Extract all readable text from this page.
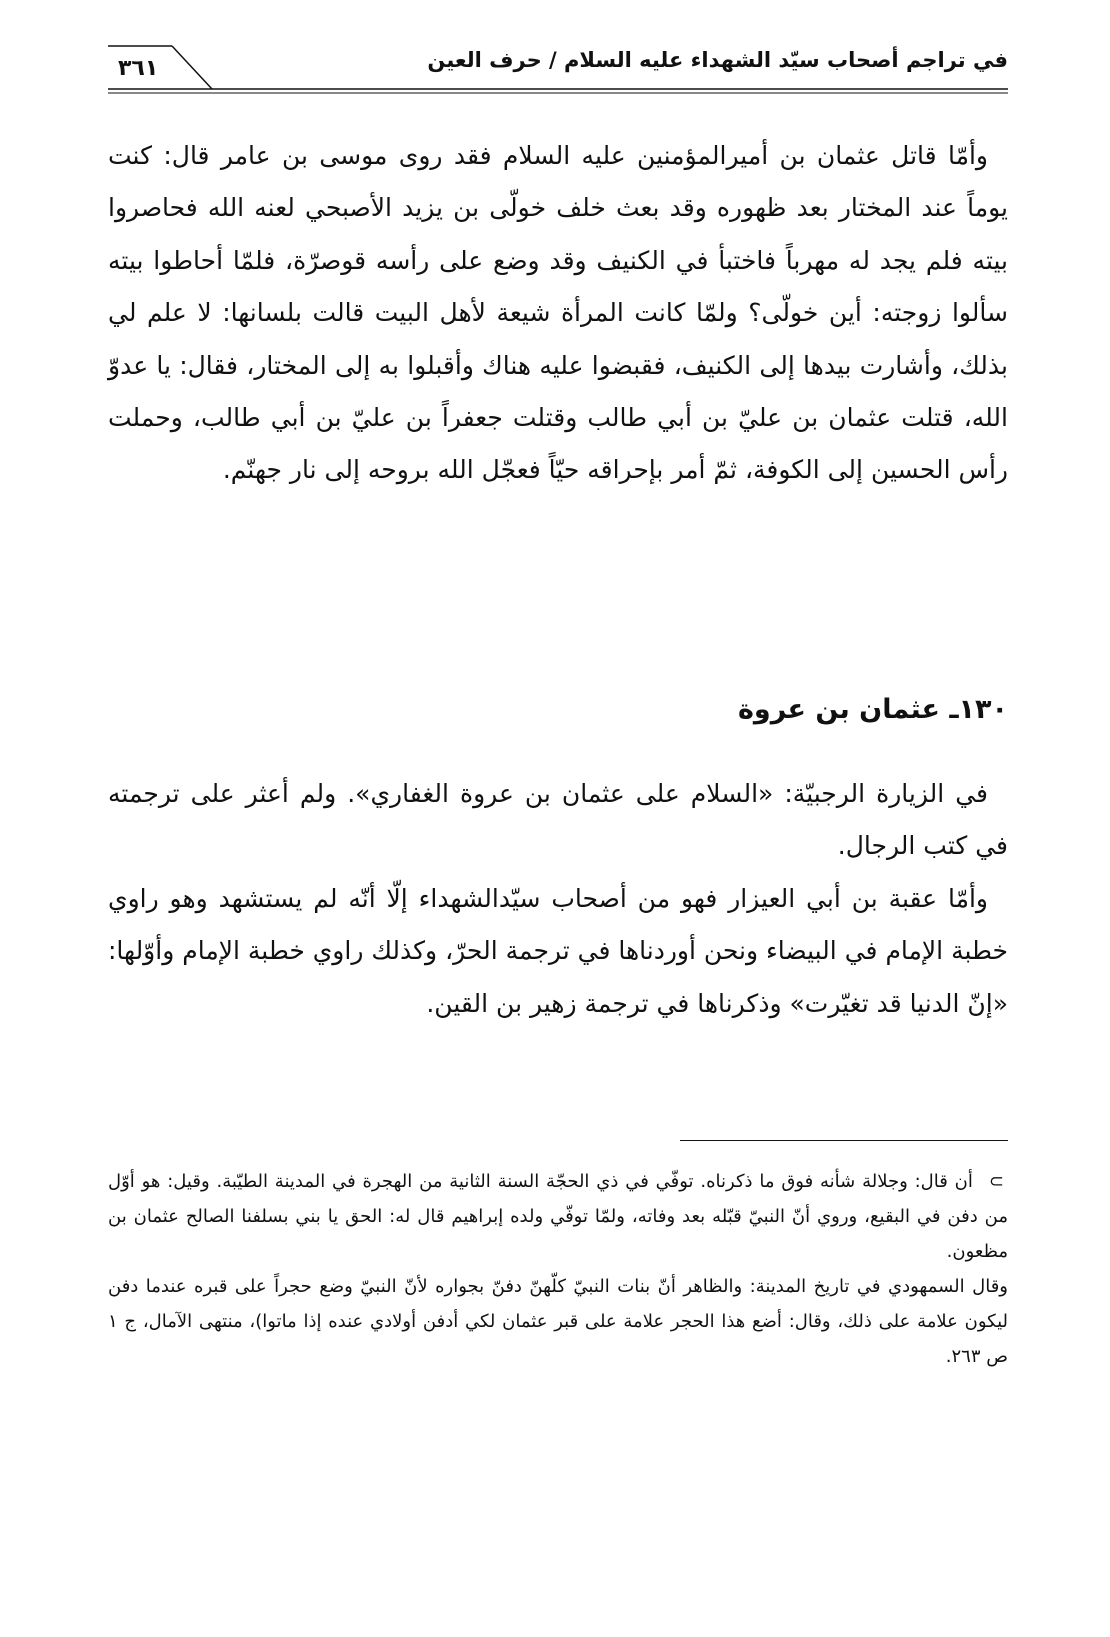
٣٦١	في تراجم أصحاب سيّد الشهداء عليه السلام / حرف العين

وأمّا قاتل عثمان بن أميرالمؤمنين عليه السلام فقد روى موسى بن عامر قال: كنت يوماً عند المختار بعد ظهوره وقد بعث خلف خولّى بن يزيد الأصبحي لعنه الله فحاصروا بيته فلم يجد له مهرباً فاختبأ في الكنيف وقد وضع على رأسه قوصرّة، فلمّا أحاطوا بيته سألوا زوجته: أين خولّى؟ ولمّا كانت المرأة شيعة لأهل البيت قالت بلسانها: لا علم لي بذلك، وأشارت بيدها إلى الكنيف، فقبضوا عليه هناك وأقبلوا به إلى المختار، فقال: يا عدوّ الله، قتلت عثمان بن عليّ بن أبي طالب وقتلت جعفراً بن عليّ بن أبي طالب، وحملت رأس الحسين إلى الكوفة، ثمّ أمر بإحراقه حيّاً فعجّل الله بروحه إلى نار جهنّم.

١٣٠ـ عثمان بن عروة

في الزيارة الرجبيّة: «السلام على عثمان بن عروة الغفاري». ولم أعثر على ترجمته في كتب الرجال.

وأمّا عقبة بن أبي العيزار فهو من أصحاب سيّدالشهداء إلّا أنّه لم يستشهد وهو راوي خطبة الإمام في البيضاء ونحن أوردناها في ترجمة الحرّ، وكذلك راوي خطبة الإمام وأوّلها: «إنّ الدنيا قد تغيّرت» وذكرناها في ترجمة زهير بن القين.

⊃أن قال: وجلالة شأنه فوق ما ذكرناه. توفّي في ذي الحجّة السنة الثانية من الهجرة في المدينة الطيّبة. وقيل: هو أوّل من دفن في البقيع، وروي أنّ النبيّ قبّله بعد وفاته، ولمّا توفّي ولده إبراهيم قال له: الحق يا بني بسلفنا الصالح عثمان بن مظعون.

وقال السمهودي في تاريخ المدينة: والظاهر أنّ بنات النبيّ كلّهنّ دفنّ بجواره لأنّ النبيّ وضع حجراً على قبره عندما دفن ليكون علامة على ذلك، وقال: أضع هذا الحجر علامة على قبر عثمان لكي أدفن أولادي عنده إذا ماتوا)، منتهى الآمال، ج ١ ص ٢٦٣.
